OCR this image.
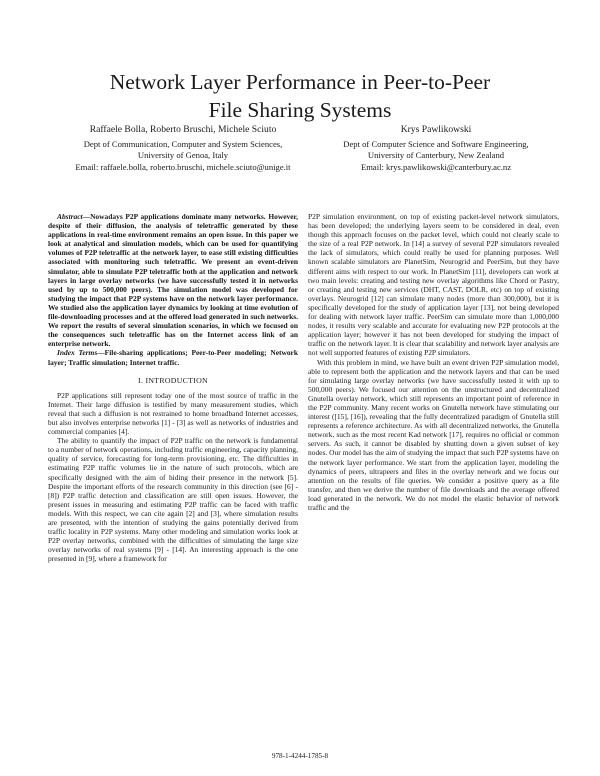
Network Layer Performance in Peer-to-Peer
File Sharing Systems
Raffaele Bolla, Roberto Bruschi, Michele Sciuto
Dept of Communication, Computer and System Sciences,
University of Genoa, Italy
Email: raffaele.bolla, roberto.bruschi, michele.sciuto@unige.it
Krys Pawlikowski
Dept of Computer Science and Software Engineering,
University of Canterbury, New Zealand
Email: krys.pawlikowski@canterbury.ac.nz

Abstract—Nowadays P2P applications dominate many networks. However, despite of their diffusion, the analysis of teletraffic generated by these applications in real-time environment remains an open issue. In this paper we look at analytical and simulation models, which can be used for quantifying volumes of P2P teletraffic at the network layer, to ease still existing difficulties associated with monitoring such teletraffic. We present an event-driven simulator, able to simulate P2P teletraffic both at the application and network layers in large overlay networks (we have successfully tested it in networks used by up to 500,000 peers). The simulation model was developed for studying the impact that P2P systems have on the network layer performance. We studied also the application layer dynamics by looking at time evolution of file-downloading processes and at the offered load generated in such networks. We report the results of several simulation scenarios, in which we focused on the consequences such teletraffic has on the Internet access link of an enterprise network.

Index Terms—File-sharing applications; Peer-to-Peer modeling; Network layer; Traffic simulation; Internet traffic.

I. INTRODUCTION

P2P applications still represent today one of the most source of traffic in the Internet. Their large diffusion is testified by many measurement studies, which reveal that such a diffusion is not restrained to home broadband Internet accesses, but also involves enterprise networks [1] - [3] as well as networks of industries and commercial companies [4].

The ability to quantify the impact of P2P traffic on the network is fundamental to a number of network operations, including traffic engineering, capacity planning, quality of service, forecasting for long-term provisioning, etc. The difficulties in estimating P2P traffic volumes lie in the nature of such protocols, which are specifically designed with the aim of hiding their presence in the network [5]. Despite the important efforts of the research community in this direction (see [6] - [8]) P2P traffic detection and classification are still open issues. However, the present issues in measuring and estimating P2P traffic can be faced with traffic models. With this respect, we can cite again [2] and [3], where simulation results are presented, with the intention of studying the gains potentially derived from traffic locality in P2P systems. Many other modeling and simulation works look at P2P overlay networks, combined with the difficulties of simulating the large size overlay networks of real systems [9] - [14]. An interesting approach is the one presented in [9], where a framework for

P2P simulation environment, on top of existing packet-level network simulators, has been developed; the underlying layers seem to be considered in deal, even though this approach focuses on the packet level, which could not clearly scale to the size of a real P2P network. In [14] a survey of several P2P simulators revealed the lack of simulators, which could really be used for planning purposes. Well known scalable simulators are PlanetSim, Neurogrid and PeerSim, but they have different aims with respect to our work. In PlanetSim [11], developers can work at two main levels: creating and testing new overlay algorithms like Chord or Pastry, or creating and testing new services (DHT, CAST, DOLR, etc) on top of existing overlays. Neurogrid [12] can simulate many nodes (more than 300,000), but it is specifically developed for the study of application layer [13], not being developed for dealing with network layer traffic. PeerSim can simulate more than 1,000,000 nodes, it results very scalable and accurate for evaluating new P2P protocols at the application layer; however it has not been developed for studying the impact of traffic on the network layer. It is clear that scalability and network layer analysis are not well supported features of existing P2P simulators.

With this problem in mind, we have built an event driven P2P simulation model, able to represent both the application and the network layers and that can be used for simulating large overlay networks (we have successfully tested it with up to 500,000 peers). We focused our attention on the unstructured and decentralized Gnutella overlay network, which still represents an important point of reference in the P2P community. Many recent works on Gnutella network have stimulating our interest ([15], [16]), revealing that the fully decentralized paradigm of Gnutella still represents a reference architecture. As with all decentralized networks, the Gnutella network, such as the most recent Kad network [17], requires no official or common servers. As such, it cannot be disabled by shutting down a given subset of key nodes. Our model has the aim of studying the impact that such P2P systems have on the network layer performance. We start from the application layer, modeling the dynamics of peers, ultrapeers and files in the overlay network and we focus our attention on the results of file queries. We consider a positive query as a file transfer, and then we derive the number of file downloads and the average offered load generated in the network. We do not model the elastic behavior of network traffic and the

978-1-4244-1785-8
